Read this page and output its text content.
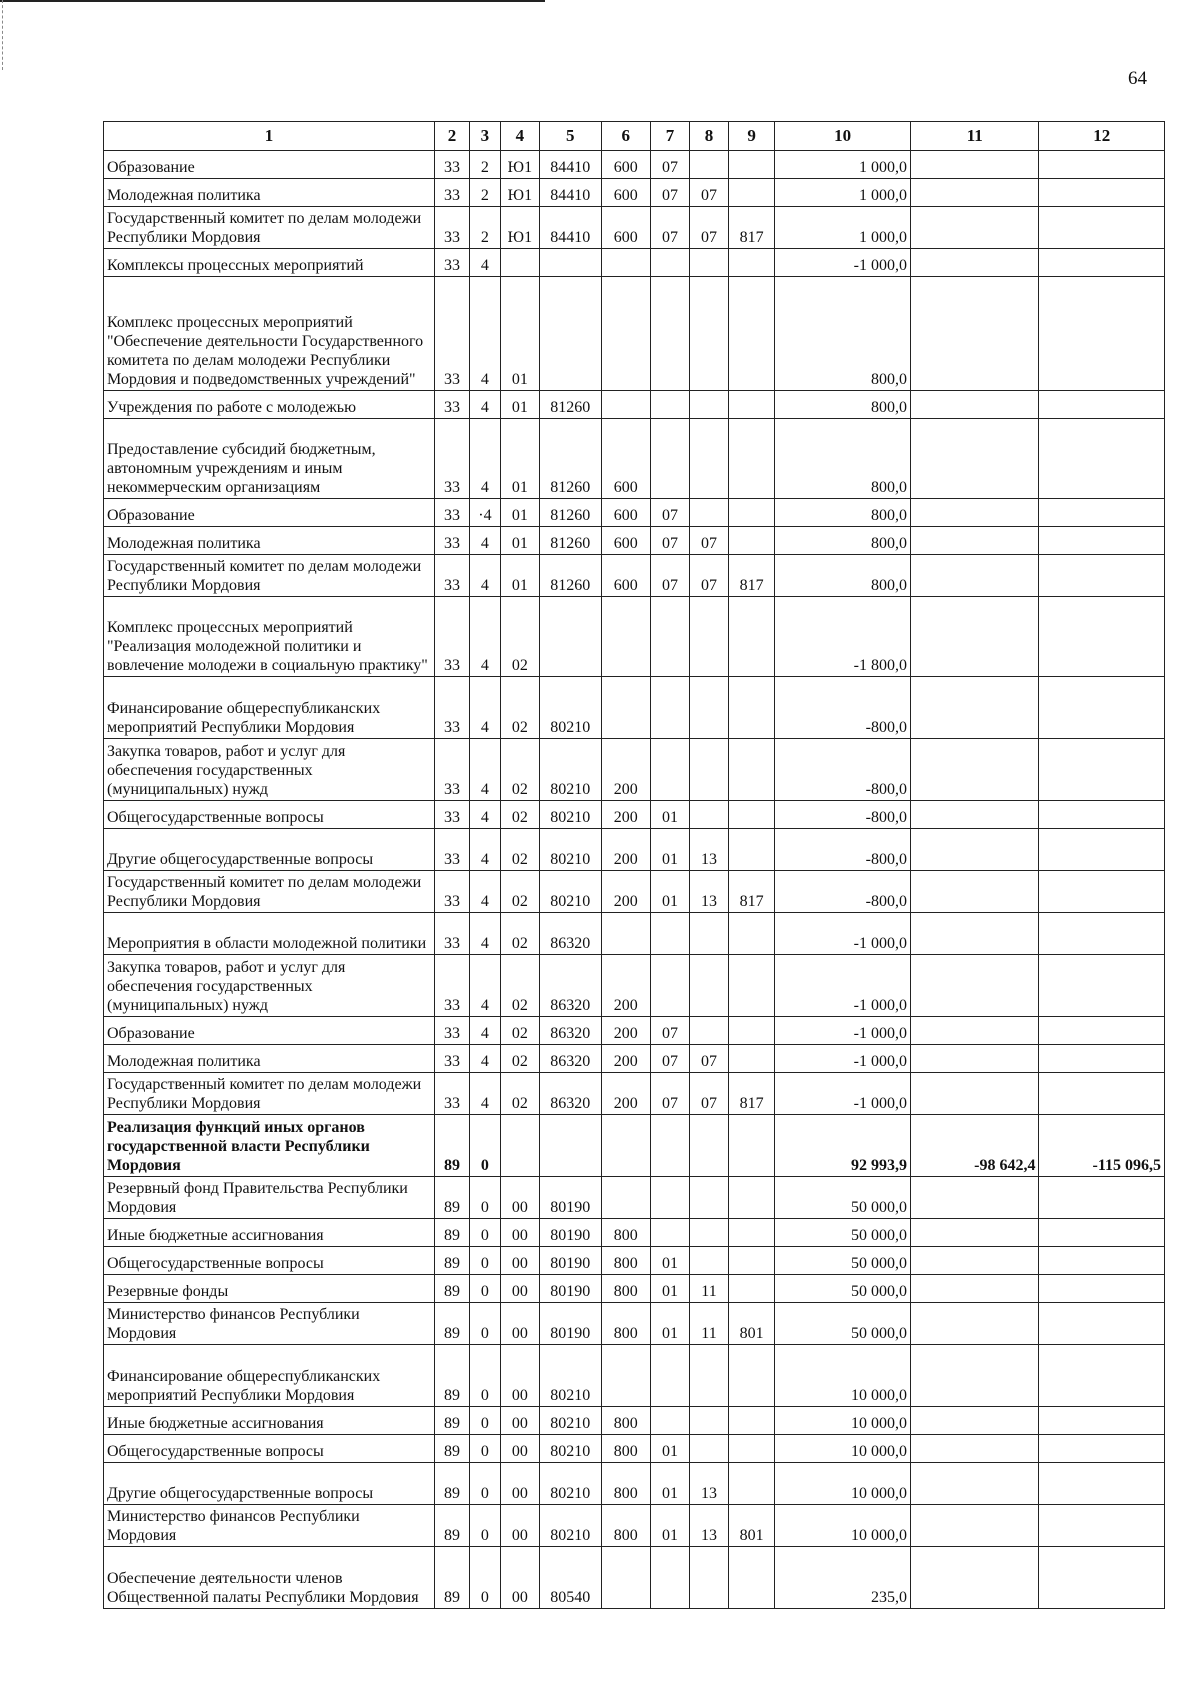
64
1	2	3	4	5	6	7	8	9	10	11	12
Образование	33	2	Ю1	84410	600	07			1 000,0		
Молодежная политика	33	2	Ю1	84410	600	07	07		1 000,0		
Государственный комитет по делам молодежи Республики Мордовия	33	2	Ю1	84410	600	07	07	817	1 000,0		
Комплексы процессных мероприятий	33	4							-1 000,0		
Комплекс процессных мероприятий "Обеспечение деятельности Государственного комитета по делам молодежи Республики Мордовия и подведомственных учреждений"	33	4	01						800,0		
Учреждения по работе с молодежью	33	4	01	81260					800,0		
Предоставление субсидий бюджетным, автономным учреждениям и иным некоммерческим организациям	33	4	01	81260	600				800,0		
Образование	33	·4	01	81260	600	07			800,0		
Молодежная политика	33	4	01	81260	600	07	07		800,0		
Государственный комитет по делам молодежи Республики Мордовия	33	4	01	81260	600	07	07	817	800,0		
Комплекс процессных мероприятий "Реализация молодежной политики и вовлечение молодежи в социальную практику"	33	4	02						-1 800,0		
Финансирование общереспубликанских мероприятий Республики Мордовия	33	4	02	80210					-800,0		
Закупка товаров, работ и услуг для обеспечения государственных (муниципальных) нужд	33	4	02	80210	200				-800,0		
Общегосударственные вопросы	33	4	02	80210	200	01			-800,0		
Другие общегосударственные вопросы	33	4	02	80210	200	01	13		-800,0		
Государственный комитет по делам молодежи Республики Мордовия	33	4	02	80210	200	01	13	817	-800,0		
Мероприятия в области молодежной политики	33	4	02	86320					-1 000,0		
Закупка товаров, работ и услуг для обеспечения государственных (муниципальных) нужд	33	4	02	86320	200				-1 000,0		
Образование	33	4	02	86320	200	07			-1 000,0		
Молодежная политика	33	4	02	86320	200	07	07		-1 000,0		
Государственный комитет по делам молодежи Республики Мордовия	33	4	02	86320	200	07	07	817	-1 000,0		
Реализация функций иных органов государственной власти Республики Мордовия	89	0							92 993,9	-98 642,4	-115 096,5
Резервный фонд Правительства Республики Мордовия	89	0	00	80190					50 000,0		
Иные бюджетные ассигнования	89	0	00	80190	800				50 000,0		
Общегосударственные вопросы	89	0	00	80190	800	01			50 000,0		
Резервные фонды	89	0	00	80190	800	01	11		50 000,0		
Министерство финансов Республики Мордовия	89	0	00	80190	800	01	11	801	50 000,0		
Финансирование общереспубликанских мероприятий Республики Мордовия	89	0	00	80210					10 000,0		
Иные бюджетные ассигнования	89	0	00	80210	800				10 000,0		
Общегосударственные вопросы	89	0	00	80210	800	01			10 000,0		
Другие общегосударственные вопросы	89	0	00	80210	800	01	13		10 000,0		
Министерство финансов Республики Мордовия	89	0	00	80210	800	01	13	801	10 000,0		
Обеспечение деятельности членов Общественной палаты Республики Мордовия	89	0	00	80540					235,0		
